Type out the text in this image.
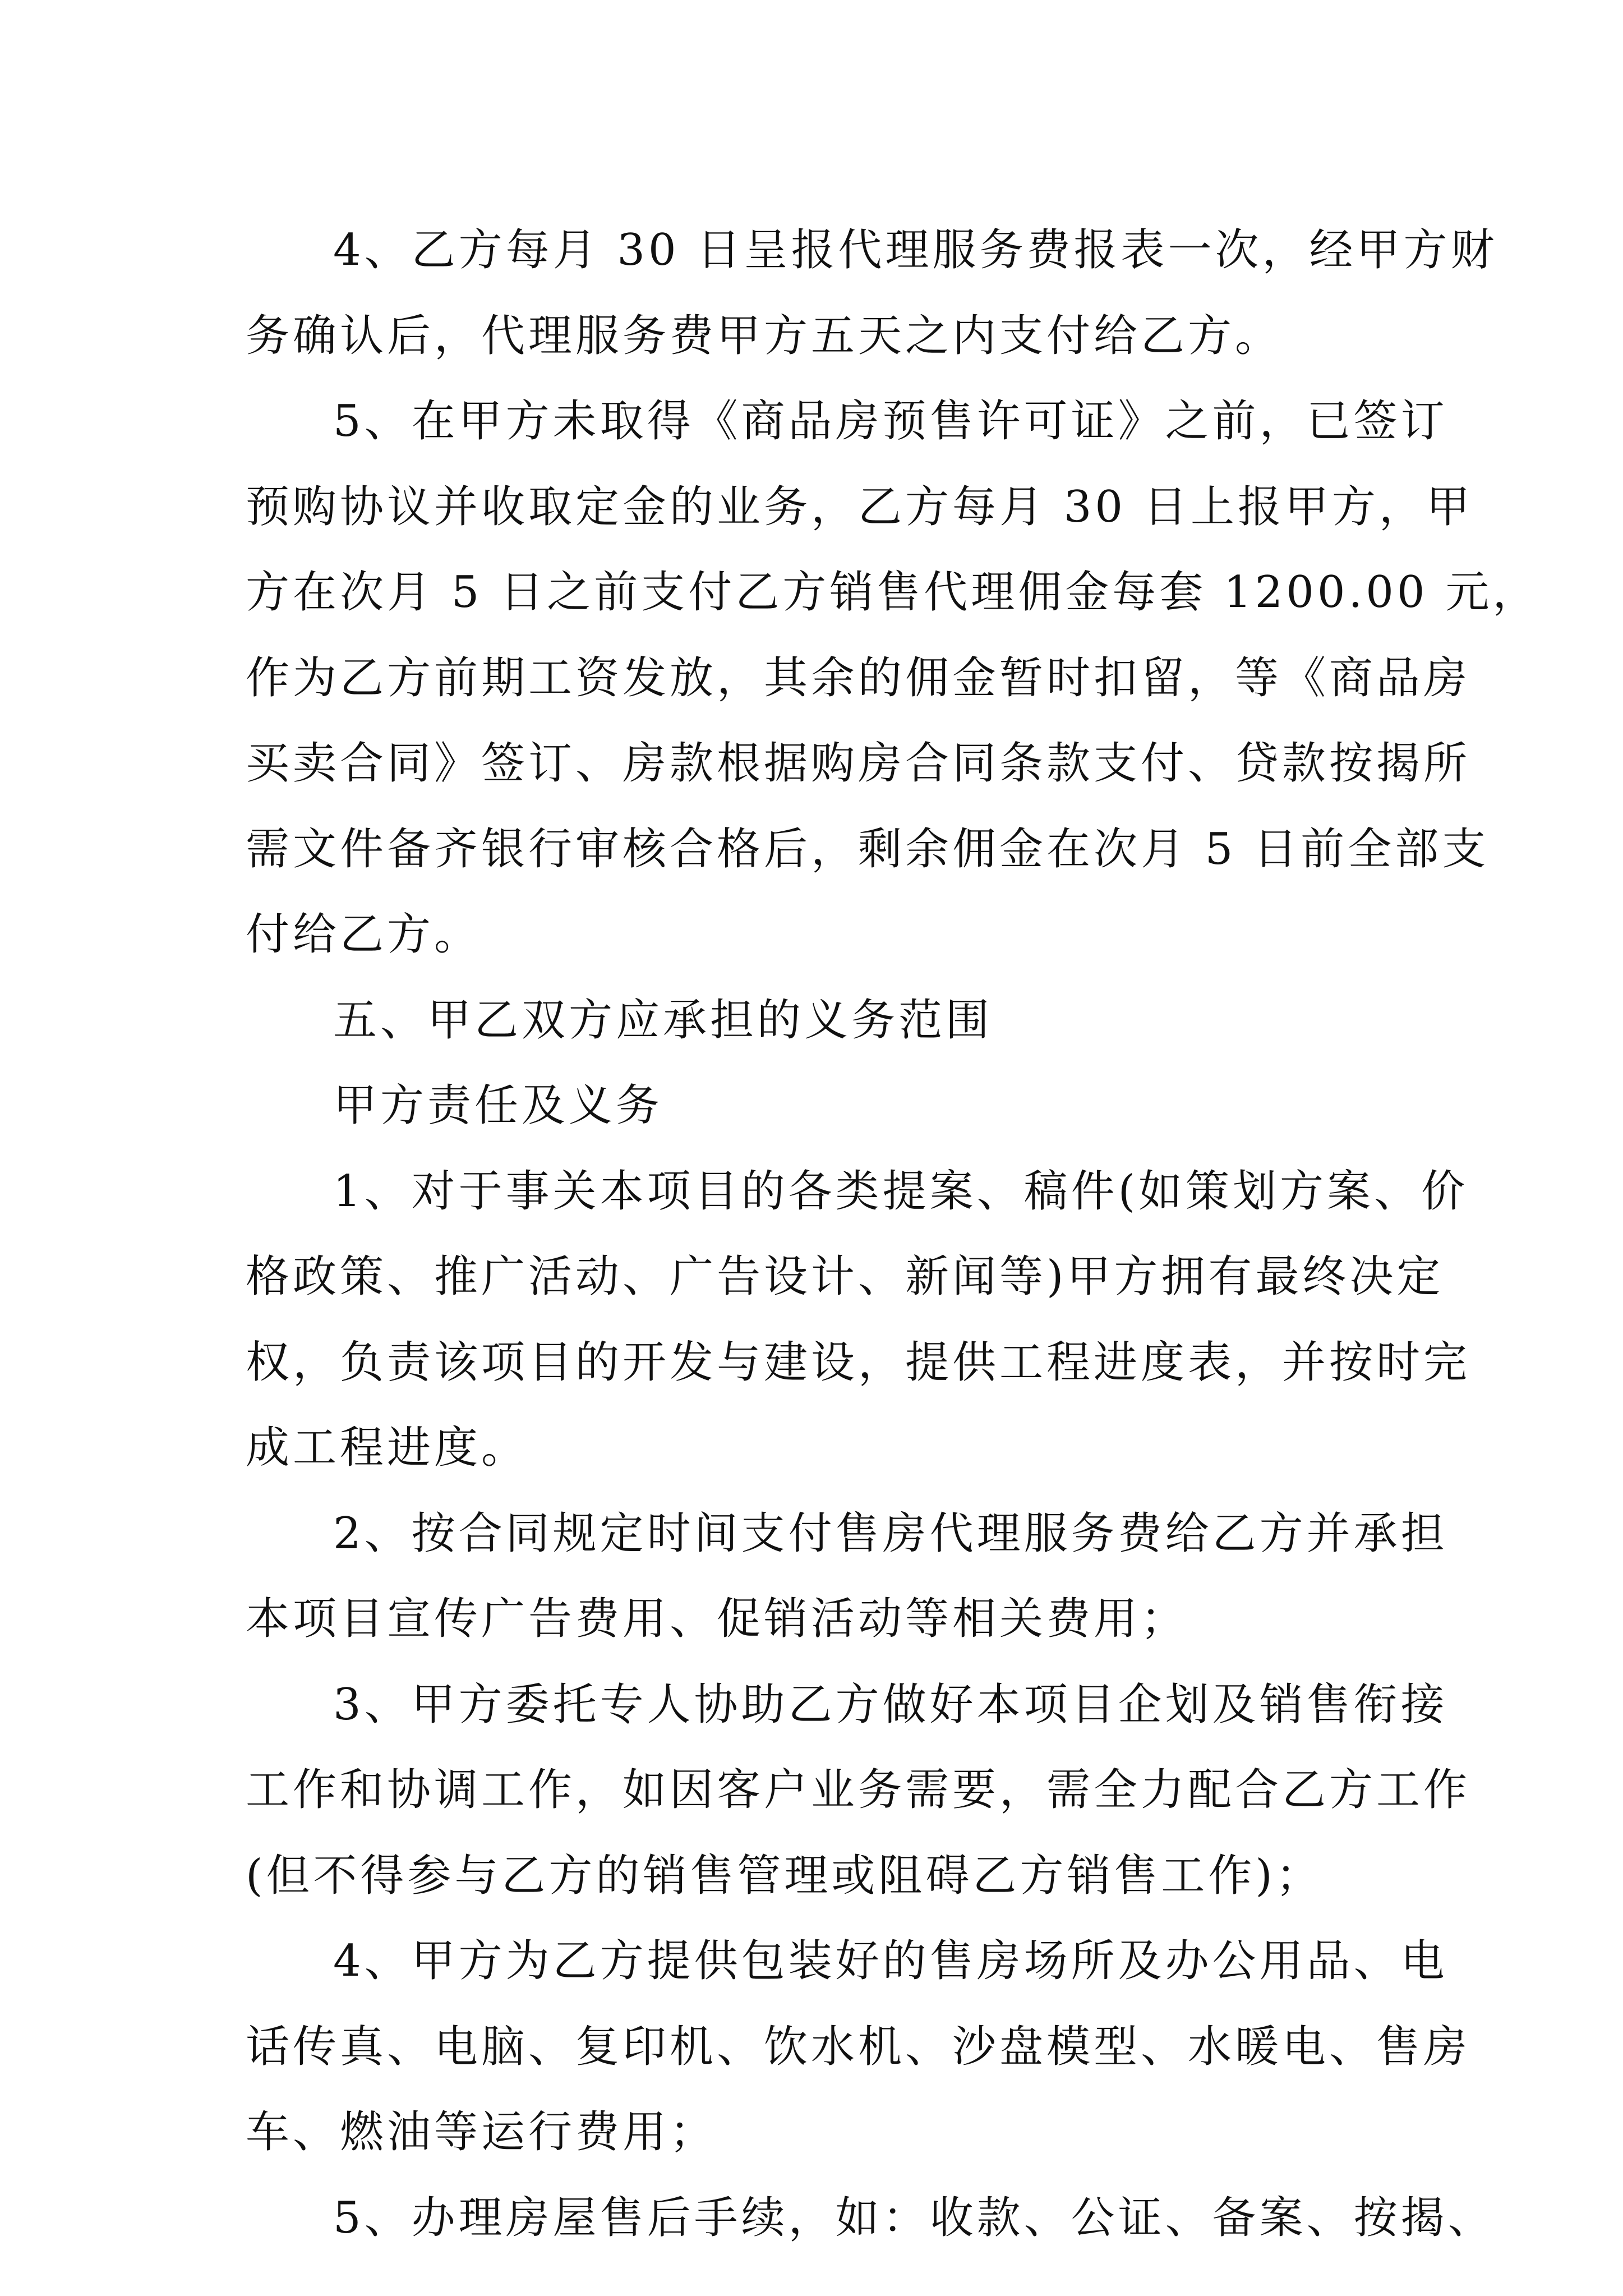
4、乙方每月 30 日呈报代理服务费报表一次，经甲方财
务确认后，代理服务费甲方五天之内支付给乙方。
5、在甲方未取得《商品房预售许可证》之前，已签订
预购协议并收取定金的业务，乙方每月 30 日上报甲方，甲
方在次月 5 日之前支付乙方销售代理佣金每套 1200.00 元，
作为乙方前期工资发放，其余的佣金暂时扣留，等《商品房
买卖合同》签订、房款根据购房合同条款支付、贷款按揭所
需文件备齐银行审核合格后，剩余佣金在次月 5 日前全部支
付给乙方。
五、甲乙双方应承担的义务范围
甲方责任及义务
1、对于事关本项目的各类提案、稿件(如策划方案、价
格政策、推广活动、广告设计、新闻等)甲方拥有最终决定
权，负责该项目的开发与建设，提供工程进度表，并按时完
成工程进度。
2、按合同规定时间支付售房代理服务费给乙方并承担
本项目宣传广告费用、促销活动等相关费用；
3、甲方委托专人协助乙方做好本项目企划及销售衔接
工作和协调工作，如因客户业务需要，需全力配合乙方工作
(但不得参与乙方的销售管理或阻碍乙方销售工作)；
4、甲方为乙方提供包装好的售房场所及办公用品、电
话传真、电脑、复印机、饮水机、沙盘模型、水暖电、售房
车、燃油等运行费用；
5、办理房屋售后手续，如：收款、公证、备案、按揭、
